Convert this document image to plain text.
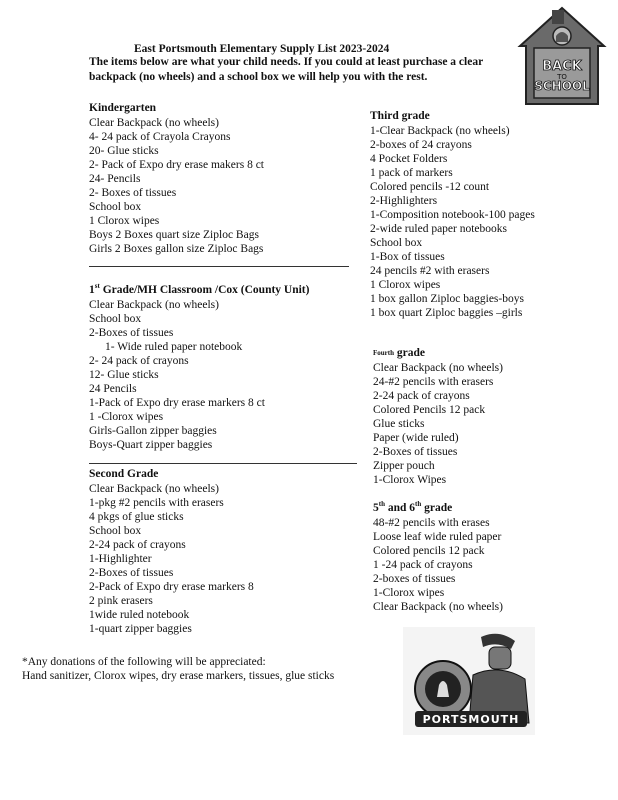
East Portsmouth Elementary Supply List 2023-2024
The items below are what your child needs. If you could at least purchase a clear
backpack (no wheels) and a school box we will help you with the rest.
BACK
SCHOOL
TO
Kindergarten
Clear Backpack (no wheels)
4- 24 pack of Crayola Crayons
20- Glue sticks
2- Pack of Expo dry erase makers 8 ct
24- Pencils
2- Boxes of tissues
School box
1 Clorox wipes
Boys 2 Boxes quart size Ziploc Bags
Girls 2 Boxes gallon size Ziploc Bags
1st Grade/MH Classroom /Cox (County Unit)
Clear Backpack (no wheels)
School box
2-Boxes of tissues
1- Wide ruled paper notebook
2- 24 pack of crayons
12- Glue sticks
24 Pencils
1-Pack of Expo dry erase markers 8 ct
1 -Clorox wipes
Girls-Gallon zipper baggies
Boys-Quart zipper baggies
Second Grade
Clear Backpack (no wheels)
1-pkg #2 pencils with erasers
4 pkgs of glue sticks
School box
2-24 pack of crayons
1-Highlighter
2-Boxes of tissues
2-Pack of Expo dry erase markers 8
2 pink erasers
1wide ruled notebook
1-quart zipper baggies
Third grade
1-Clear Backpack (no wheels)
2-boxes of 24 crayons
4 Pocket Folders
1 pack of markers
Colored pencils -12 count
2-Highlighters
1-Composition notebook-100 pages
2-wide ruled paper notebooks
School box
1-Box of tissues
24 pencils #2 with erasers
1 Clorox wipes
1 box gallon Ziploc baggies-boys
1 box quart Ziploc baggies –girls
$^{Fourth}$ grade
Clear Backpack (no wheels)
24-#2 pencils with erasers
2-24 pack of crayons
Colored Pencils 12 pack
Glue sticks
Paper (wide ruled)
2-Boxes of tissues
Zipper pouch
1-Clorox Wipes
5th and 6th grade
48-#2 pencils with erases
Loose leaf wide ruled paper
Colored pencils 12 pack
1 -24 pack of crayons
2-boxes of tissues
1-Clorox wipes
Clear Backpack (no wheels)
*Any donations of the following will be appreciated:
Hand sanitizer, Clorox wipes, dry erase markers, tissues, glue sticks
PORTSMOUTH
